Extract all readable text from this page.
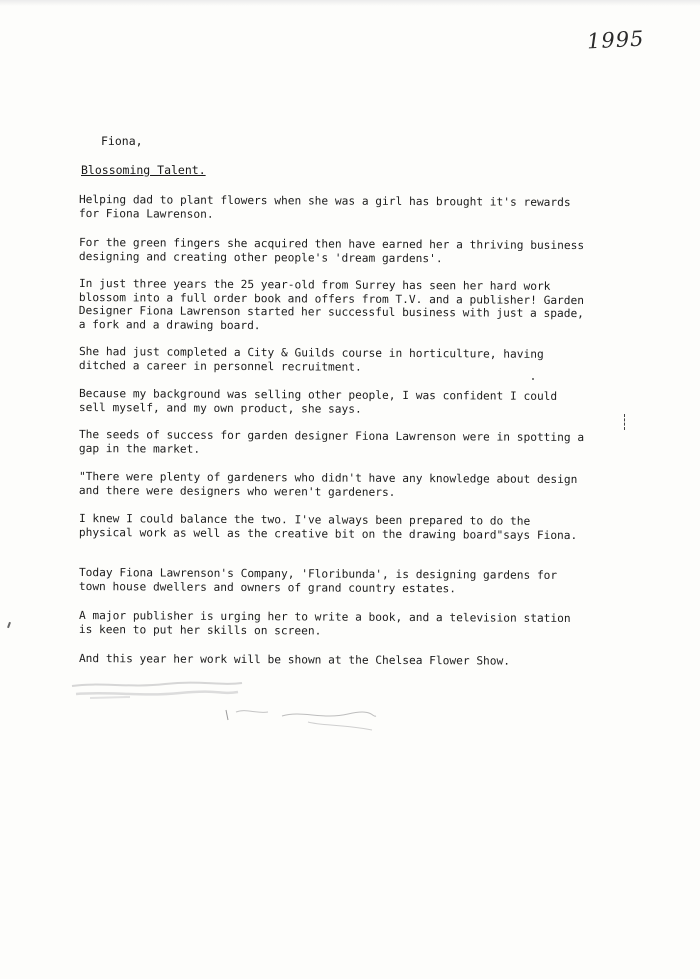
1995
Fiona,
Blossoming Talent.

Helping dad to plant flowers when she was a girl has brought it's rewards for Fiona Lawrenson.

For the green fingers she acquired then have earned her a thriving business designing and creating other people's 'dream gardens'.

In just three years the 25 year-old from Surrey has seen her hard work blossom into a full order book and offers from T.V. and a publisher! Garden Designer Fiona Lawrenson started her successful business with just a spade, a fork and a drawing board.

She had just completed a City & Guilds course in horticulture, having ditched a career in personnel recruitment.

Because my background was selling other people, I was confident I could sell myself, and my own product, she says.

The seeds of success for garden designer Fiona Lawrenson were in spotting a gap in the market.

"There were plenty of gardeners who didn't have any knowledge about design and there were designers who weren't gardeners.

I knew I could balance the two. I've always been prepared to do the physical work as well as the creative bit on the drawing board"says Fiona.

Today Fiona Lawrenson's Company, 'Floribunda', is designing gardens for town house dwellers and owners of grand country estates.

A major publisher is urging her to write a book, and a television station is keen to put her skills on screen.

And this year her work will be shown at the Chelsea Flower Show.
